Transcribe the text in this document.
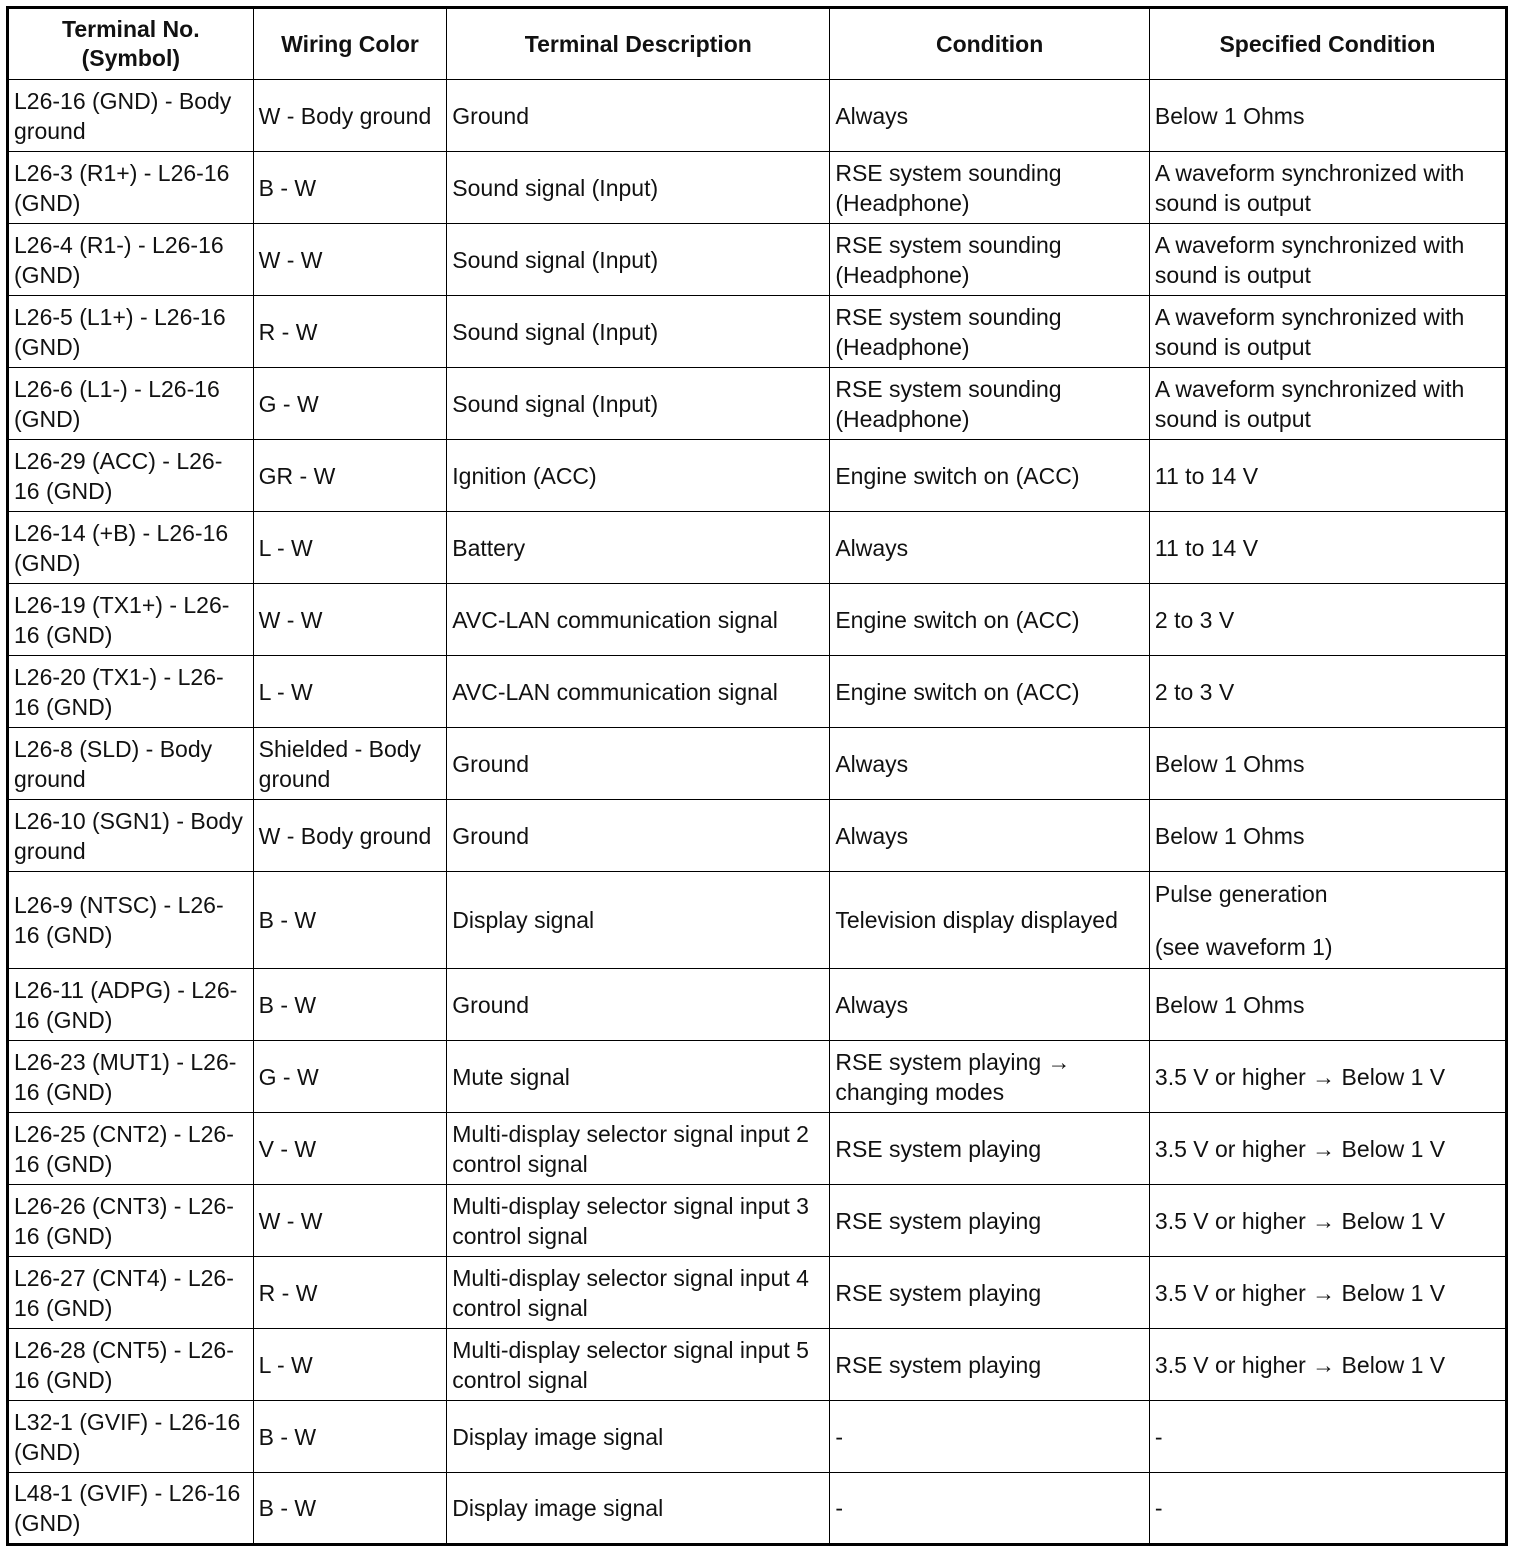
Terminal No.
(Symbol)	Wiring Color	Terminal Description	Condition	Specified Condition
L26-16 (GND) - Body ground	W - Body ground	Ground	Always	Below 1 Ohms
L26-3 (R1+) - L26-16 (GND)	B - W	Sound signal (Input)	RSE system sounding (Headphone)	A waveform synchronized with sound is output
L26-4 (R1-) - L26-16 (GND)	W - W	Sound signal (Input)	RSE system sounding (Headphone)	A waveform synchronized with sound is output
L26-5 (L1+) - L26-16 (GND)	R - W	Sound signal (Input)	RSE system sounding (Headphone)	A waveform synchronized with sound is output
L26-6 (L1-) - L26-16 (GND)	G - W	Sound signal (Input)	RSE system sounding (Headphone)	A waveform synchronized with sound is output
L26-29 (ACC) - L26-16 (GND)	GR - W	Ignition (ACC)	Engine switch on (ACC)	11 to 14 V
L26-14 (+B) - L26-16 (GND)	L - W	Battery	Always	11 to 14 V
L26-19 (TX1+) - L26-16 (GND)	W - W	AVC-LAN communication signal	Engine switch on (ACC)	2 to 3 V
L26-20 (TX1-) - L26-16 (GND)	L - W	AVC-LAN communication signal	Engine switch on (ACC)	2 to 3 V
L26-8 (SLD) - Body ground	Shielded - Body ground	Ground	Always	Below 1 Ohms
L26-10 (SGN1) - Body ground	W - Body ground	Ground	Always	Below 1 Ohms
L26-9 (NTSC) - L26-16 (GND)	B - W	Display signal	Television display displayed	Pulse generation
(see waveform 1)

L26-11 (ADPG) - L26-16 (GND)	B - W	Ground	Always	Below 1 Ohms
L26-23 (MUT1) - L26-16 (GND)	G - W	Mute signal	RSE system playing → changing modes	3.5 V or higher → Below 1 V
L26-25 (CNT2) - L26-16 (GND)	V - W	Multi-display selector signal input 2 control signal	RSE system playing	3.5 V or higher → Below 1 V
L26-26 (CNT3) - L26-16 (GND)	W - W	Multi-display selector signal input 3 control signal	RSE system playing	3.5 V or higher → Below 1 V
L26-27 (CNT4) - L26-16 (GND)	R - W	Multi-display selector signal input 4 control signal	RSE system playing	3.5 V or higher → Below 1 V
L26-28 (CNT5) - L26-16 (GND)	L - W	Multi-display selector signal input 5 control signal	RSE system playing	3.5 V or higher → Below 1 V
L32-1 (GVIF) - L26-16 (GND)	B - W	Display image signal	-	-
L48-1 (GVIF) - L26-16 (GND)	B - W	Display image signal	-	-
